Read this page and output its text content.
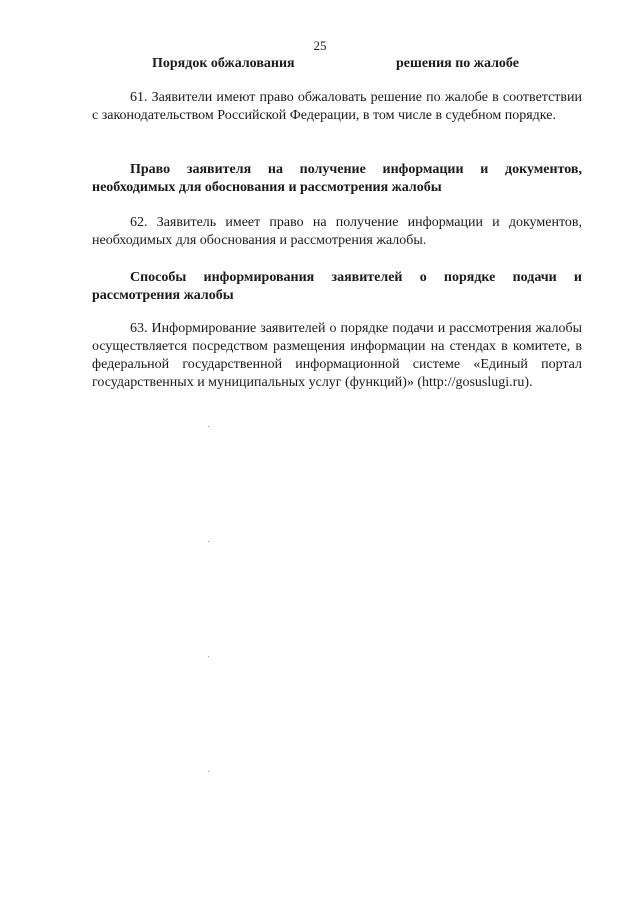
25
Порядок обжалования	решения по жалобе

61. Заявители имеют право обжаловать решение по жалобе в соответствии с законодательством Российской Федерации, в том числе в судебном порядке.

Право заявителя на получение информации и документов, необходимых для обоснования и рассмотрения жалобы

62. Заявитель имеет право на получение информации и документов, необходимых для обоснования и рассмотрения жалобы.

Способы информирования заявителей о порядке подачи и рассмотрения жалобы

63. Информирование заявителей о порядке подачи и рассмотрения жалобы осуществляется посредством размещения информации на стендах в комитете, в федеральной государственной информационной системе «Единый портал государственных и муниципальных услуг (функций)» (http://gosuslugi.ru).
